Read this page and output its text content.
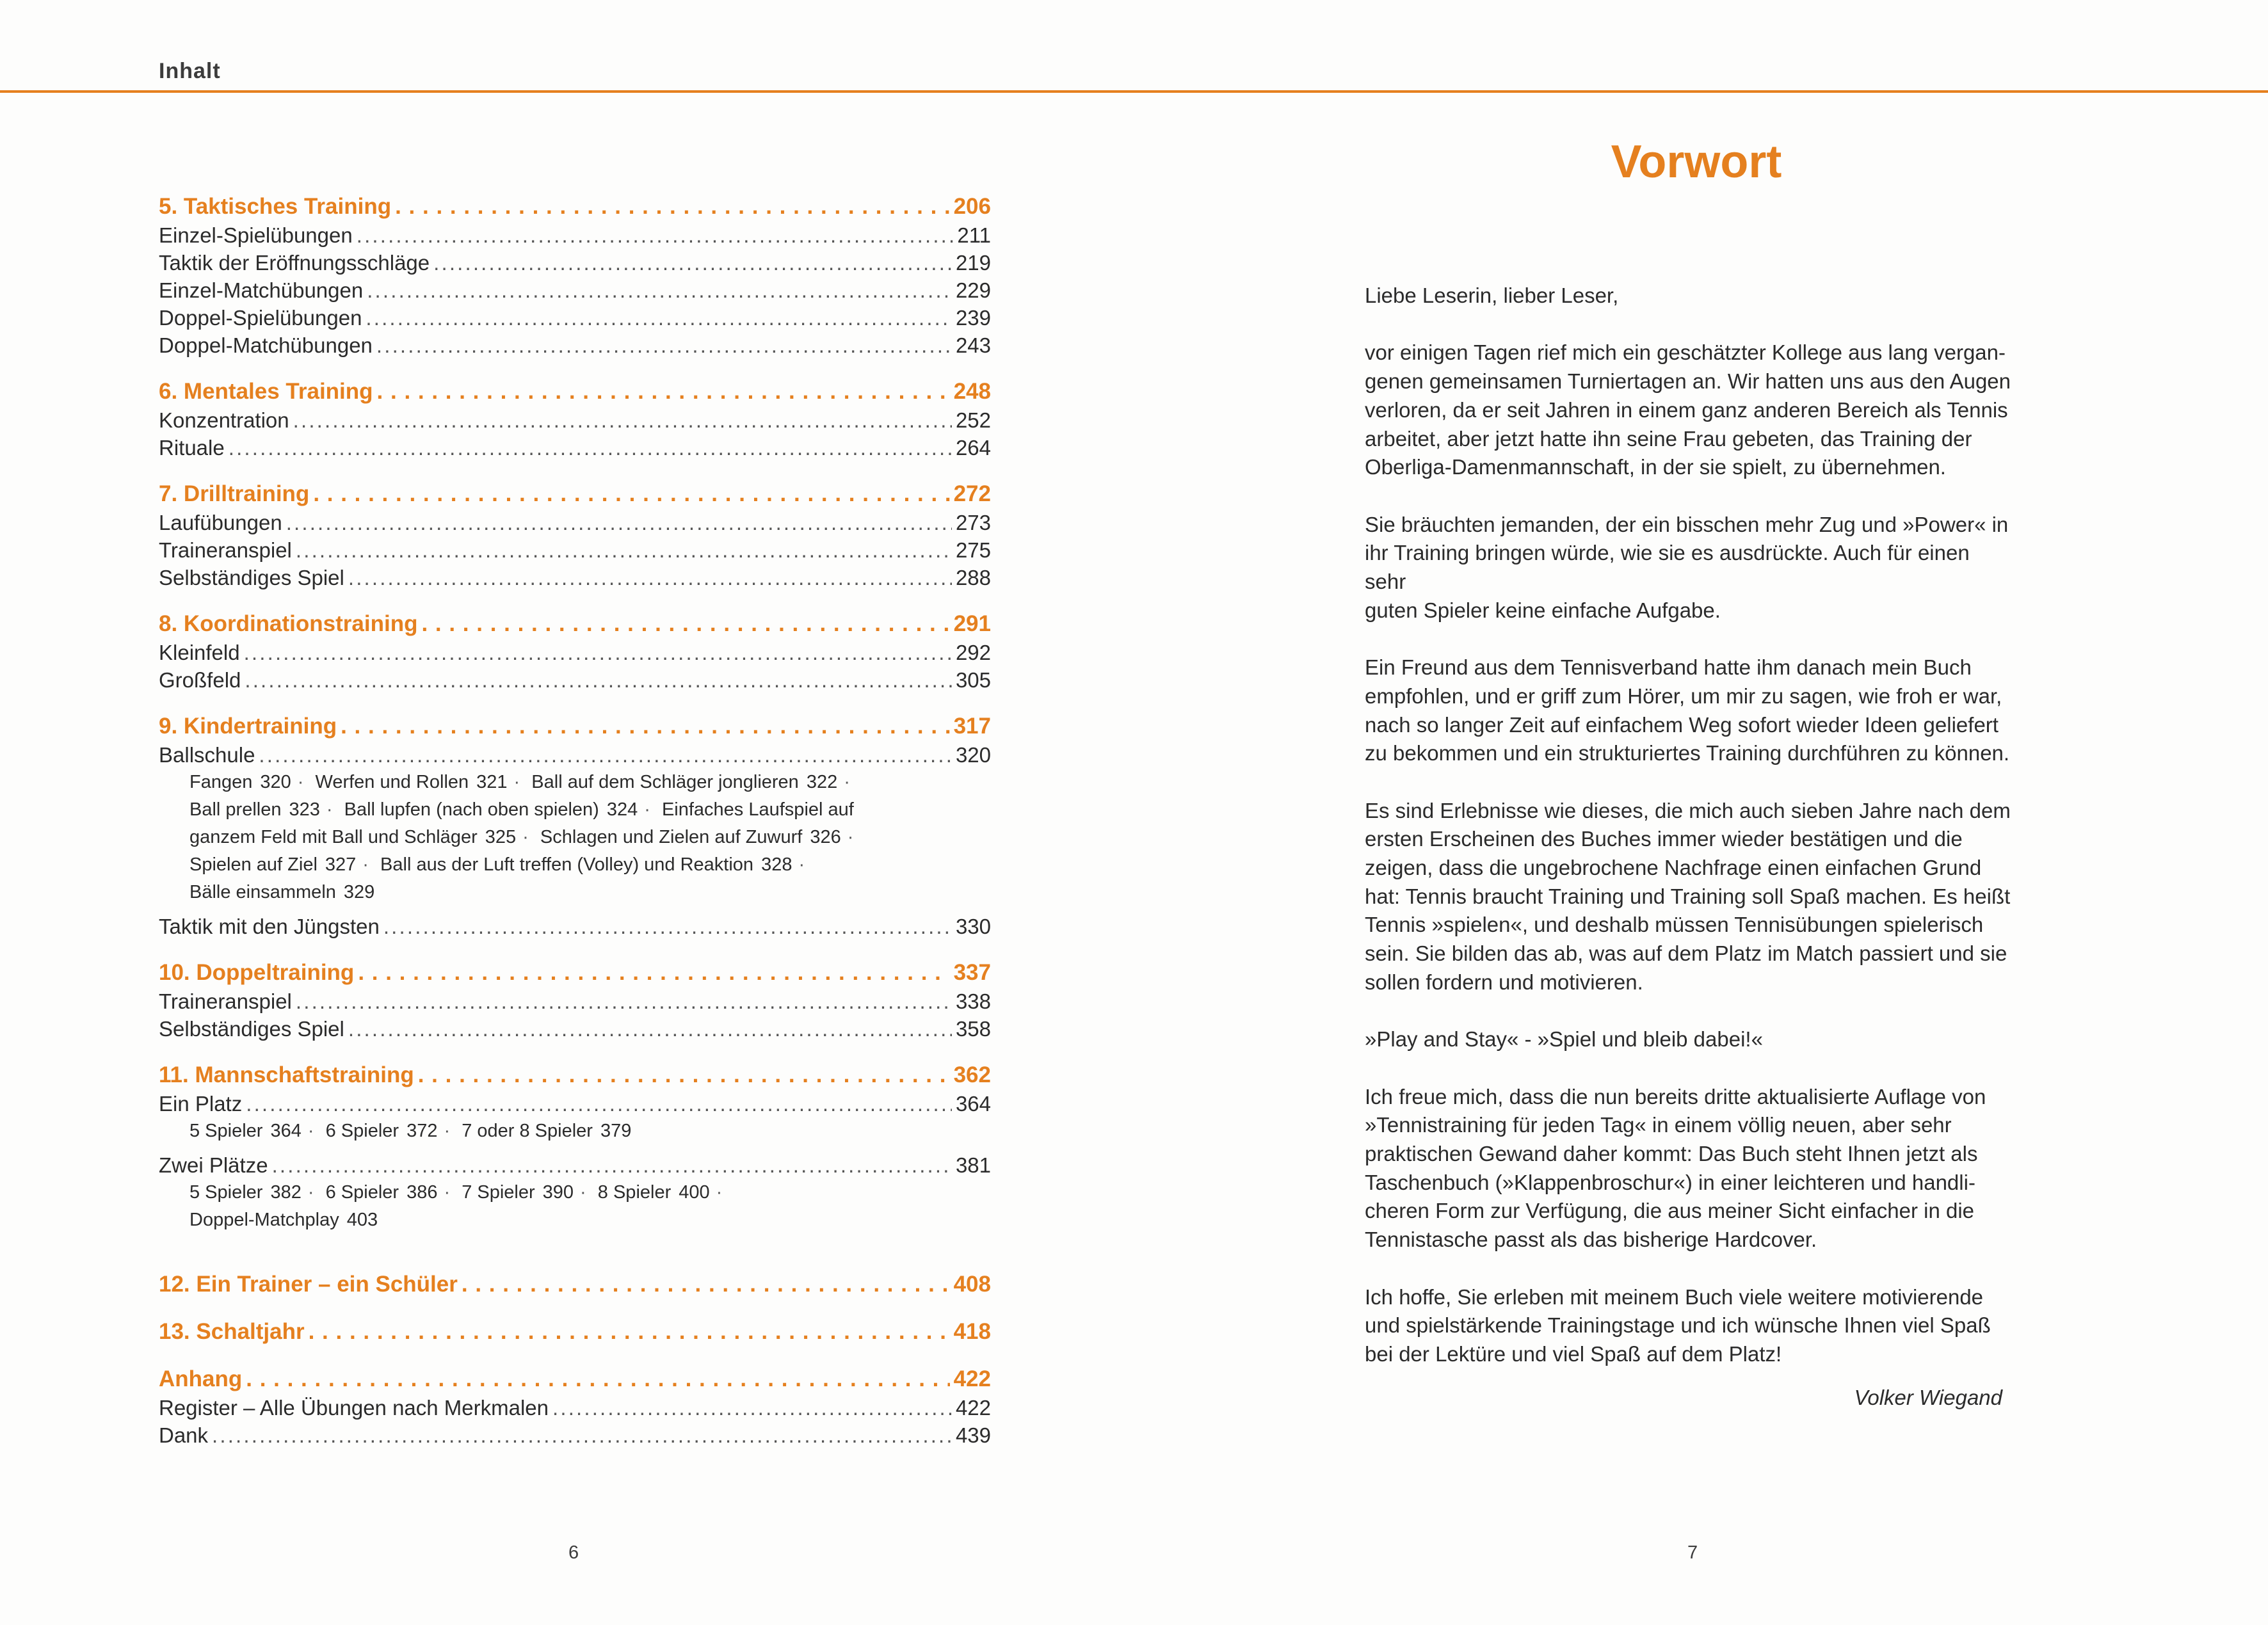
Inhalt
5. Taktisches Training . . .	206
Einzel-Spielübungen . . .	211
Taktik der Eröffnungsschläge . . .	219
Einzel-Matchübungen . . .	229
Doppel-Spielübungen . . .	239
Doppel-Matchübungen . . .	243
6. Mentales Training . . .	248
Konzentration . . .	252
Rituale . . .	264
7. Drilltraining . . .	272
Laufübungen . . .	273
Traineranspiel . . .	275
Selbständiges Spiel . . .	288
8. Koordinationstraining . . .	291
Kleinfeld . . .	292
Großfeld . . .	305
9. Kindertraining . . .	317
Ballschule . . .	320
Fangen 320 · Werfen und Rollen 321 · Ball auf dem Schläger jonglieren 322 ·
Ball prellen 323 · Ball lupfen (nach oben spielen) 324 · Einfaches Laufspiel auf
ganzem Feld mit Ball und Schläger 325 · Schlagen und Zielen auf Zuwurf 326 ·
Spielen auf Ziel 327 · Ball aus der Luft treffen (Volley) und Reaktion 328 ·
Bälle einsammeln 329
Taktik mit den Jüngsten . . .	330
10. Doppeltraining . . .	337
Traineranspiel . . .	338
Selbständiges Spiel . . .	358
11. Mannschaftstraining . . .	362
Ein Platz . . .	364
5 Spieler 364 · 6 Spieler 372 · 7 oder 8 Spieler 379
Zwei Plätze . . .	381
5 Spieler 382 · 6 Spieler 386 · 7 Spieler 390 · 8 Spieler 400 ·
Doppel-Matchplay 403
12. Ein Trainer – ein Schüler . . .	408
13. Schaltjahr . . .	418
Anhang . . .	422
Register – Alle Übungen nach Merkmalen . . .	422
Dank . . .	439
Vorwort

Liebe Leserin, lieber Leser,

vor einigen Tagen rief mich ein geschätzter Kollege aus lang vergan-
genen gemeinsamen Turniertagen an. Wir hatten uns aus den Augen
verloren, da er seit Jahren in einem ganz anderen Bereich als Tennis
arbeitet, aber jetzt hatte ihn seine Frau gebeten, das Training der
Oberliga-Damenmannschaft, in der sie spielt, zu übernehmen.

Sie bräuchten jemanden, der ein bisschen mehr Zug und »Power« in
ihr Training bringen würde, wie sie es ausdrückte. Auch für einen sehr
guten Spieler keine einfache Aufgabe.

Ein Freund aus dem Tennisverband hatte ihm danach mein Buch
empfohlen, und er griff zum Hörer, um mir zu sagen, wie froh er war,
nach so langer Zeit auf einfachem Weg sofort wieder Ideen geliefert
zu bekommen und ein strukturiertes Training durchführen zu können.

Es sind Erlebnisse wie dieses, die mich auch sieben Jahre nach dem
ersten Erscheinen des Buches immer wieder bestätigen und die
zeigen, dass die ungebrochene Nachfrage einen einfachen Grund
hat: Tennis braucht Training und Training soll Spaß machen. Es heißt
Tennis »spielen«, und deshalb müssen Tennisübungen spielerisch
sein. Sie bilden das ab, was auf dem Platz im Match passiert und sie
sollen fordern und motivieren.

»Play and Stay« - »Spiel und bleib dabei!«

Ich freue mich, dass die nun bereits dritte aktualisierte Auflage von
»Tennistraining für jeden Tag« in einem völlig neuen, aber sehr
praktischen Gewand daher kommt: Das Buch steht Ihnen jetzt als
Taschenbuch (»Klappenbroschur«) in einer leichteren und handli-
cheren Form zur Verfügung, die aus meiner Sicht einfacher in die
Tennistasche passt als das bisherige Hardcover.

Ich hoffe, Sie erleben mit meinem Buch viele weitere motivierende
und spielstärkende Trainingstage und ich wünsche Ihnen viel Spaß
bei der Lektüre und viel Spaß auf dem Platz!

Volker Wiegand
6	7
